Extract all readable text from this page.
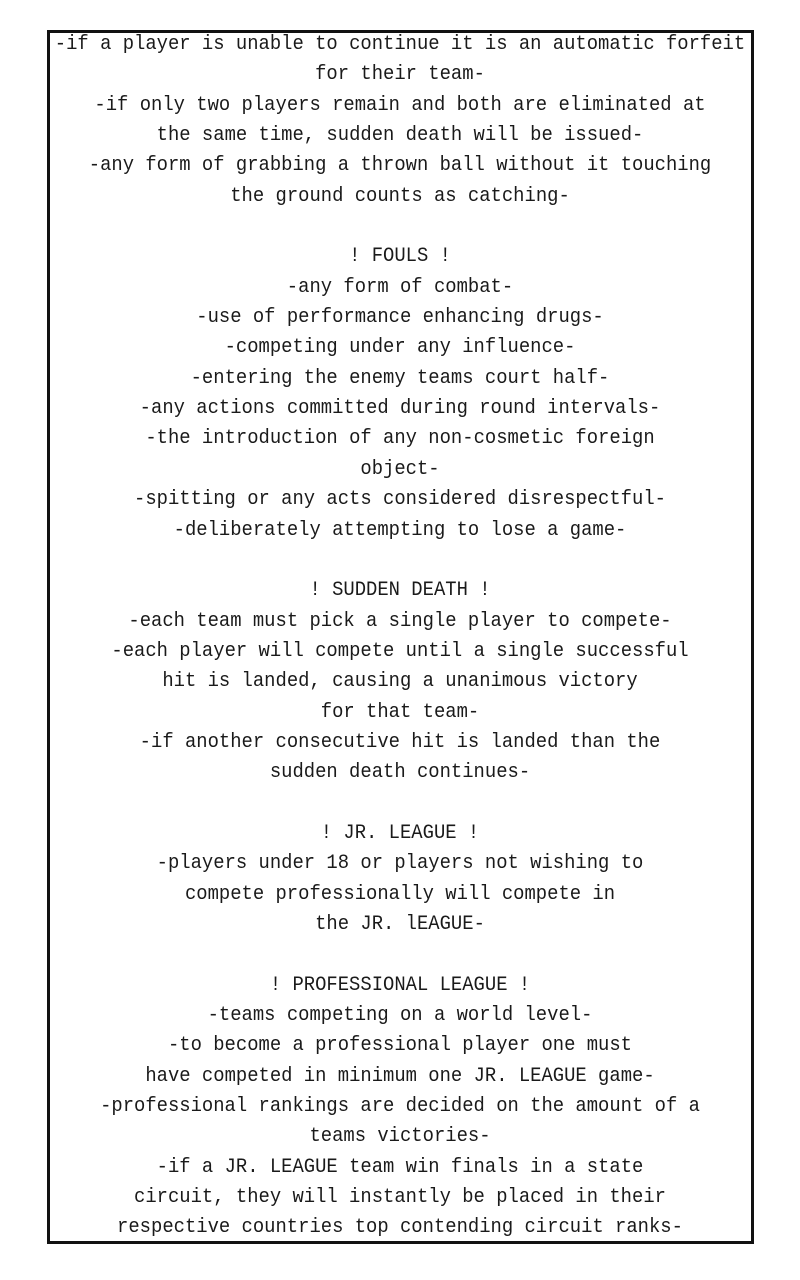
-if a player is unable to continue it is an automatic forfeit
for their team-
-if only two players remain and both are eliminated at
the same time, sudden death will be issued-
-any form of grabbing a thrown ball without it touching
the ground counts as catching-
! FOULS !
-any form of combat-
-use of performance enhancing drugs-
-competing under any influence-
-entering the enemy teams court half-
-any actions committed during round intervals-
-the introduction of any non-cosmetic foreign
object-
-spitting or any acts considered disrespectful-
-deliberately attempting to lose a game-
! SUDDEN DEATH !
-each team must pick a single player to compete-
-each player will compete until a single successful
hit is landed, causing a unanimous victory
for that team-
-if another consecutive hit is landed than the
sudden death continues-
! JR. LEAGUE !
-players under 18 or players not wishing to
compete professionally will compete in
the JR. lEAGUE-
! PROFESSIONAL LEAGUE !
-teams competing on a world level-
-to become a professional player one must
have competed in minimum one JR. LEAGUE game-
-professional rankings are decided on the amount of a
teams victories-
-if a JR. LEAGUE team win finals in a state
circuit, they will instantly be placed in their
respective countries top contending circuit ranks-
